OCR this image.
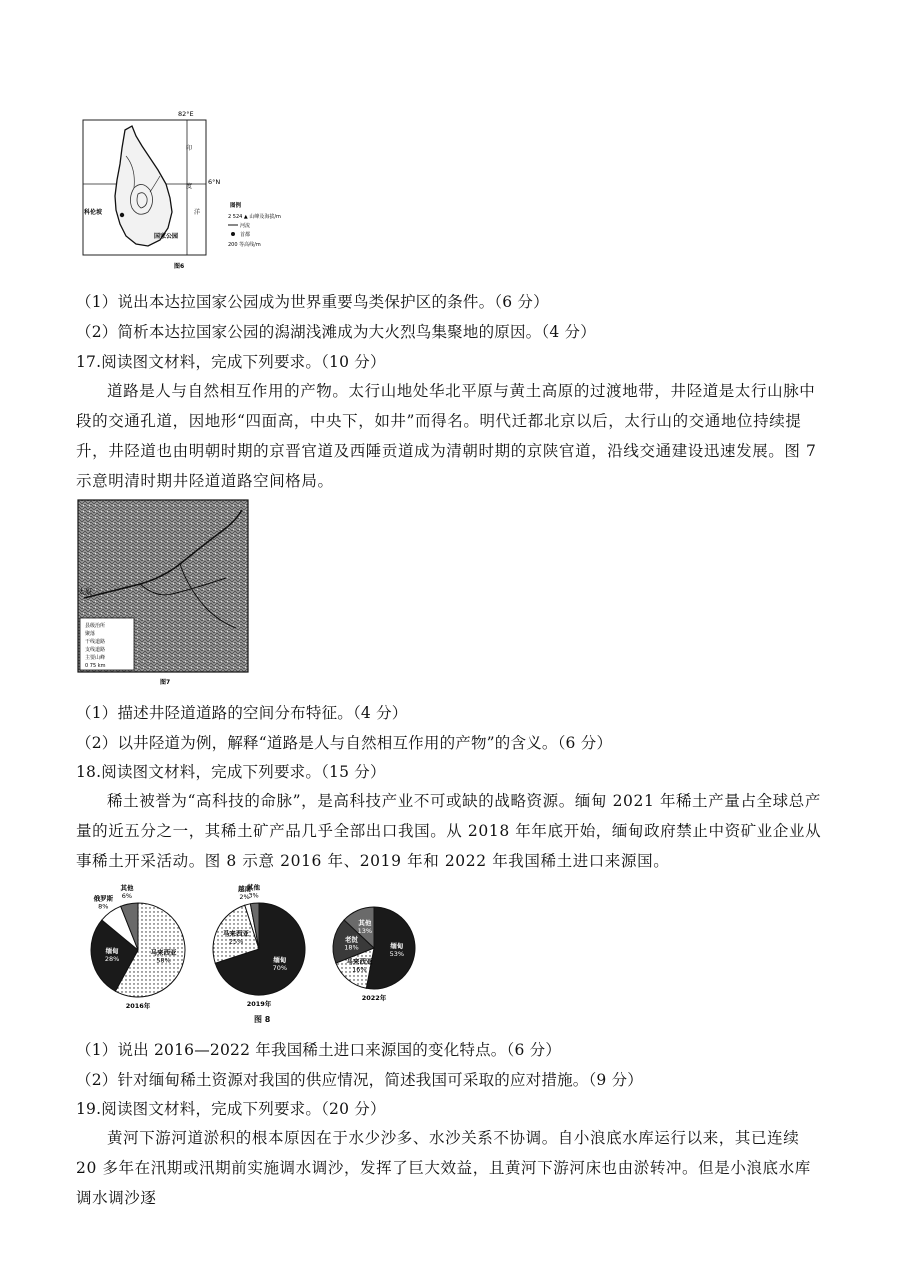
国家公园
科伦坡
82°E
6°N
印
度
洋
图例
2 524 ▲ 山峰及海拔/m
河流
首都
200 等高线/m
图6
（1）说出本达拉国家公园成为世界重要鸟类保护区的条件。（6 分）
（2）简析本达拉国家公园的潟湖浅滩成为大火烈鸟集聚地的原因。（4 分）
17.阅读图文材料，完成下列要求。（10 分）
道路是人与自然相互作用的产物。太行山地处华北平原与黄土高原的过渡地带，井陉道是太行山脉中段的交通孔道，因地形“四面高，中央下，如井”而得名。明代迁都北京以后，太行山的交通地位持续提升，井陉道也由明朝时期的京晋官道及西陲贡道成为清朝时期的京陕官道，沿线交通建设迅速发展。图 7 示意明清时期井陉道道路空间格局。
太原
县级治所
聚落
干线道路
支线道路
主要山峰
0 75 km
图7
（1）描述井陉道道路的空间分布特征。（4 分）
（2）以井陉道为例，解释“道路是人与自然相互作用的产物”的含义。（6 分）
18.阅读图文材料，完成下列要求。（15 分）
稀土被誉为“高科技的命脉”，是高科技产业不可或缺的战略资源。缅甸 2021 年稀土产量占全球总产量的近五分之一，其稀土矿产品几乎全部出口我国。从 2018 年年底开始，缅甸政府禁止中资矿业企业从事稀土开采活动。图 8 示意 2016 年、2019 年和 2022 年我国稀土进口来源国。
马来西亚
58%
缅甸
28%
俄罗斯
8%
其他
6%
2016年
缅甸
70%
马来西亚
25%
越南
2%
其他
3%
2019年
缅甸
53%
马来西亚
16%
老挝
18%
其他
13%
2022年
图 8
（1）说出 2016—2022 年我国稀土进口来源国的变化特点。（6 分）
（2）针对缅甸稀土资源对我国的供应情况，简述我国可采取的应对措施。（9 分）
19.阅读图文材料，完成下列要求。（20 分）
黄河下游河道淤积的根本原因在于水少沙多、水沙关系不协调。自小浪底水库运行以来，其已连续 20 多年在汛期或汛期前实施调水调沙，发挥了巨大效益，且黄河下游河床也由淤转冲。但是小浪底水库调水调沙逐
